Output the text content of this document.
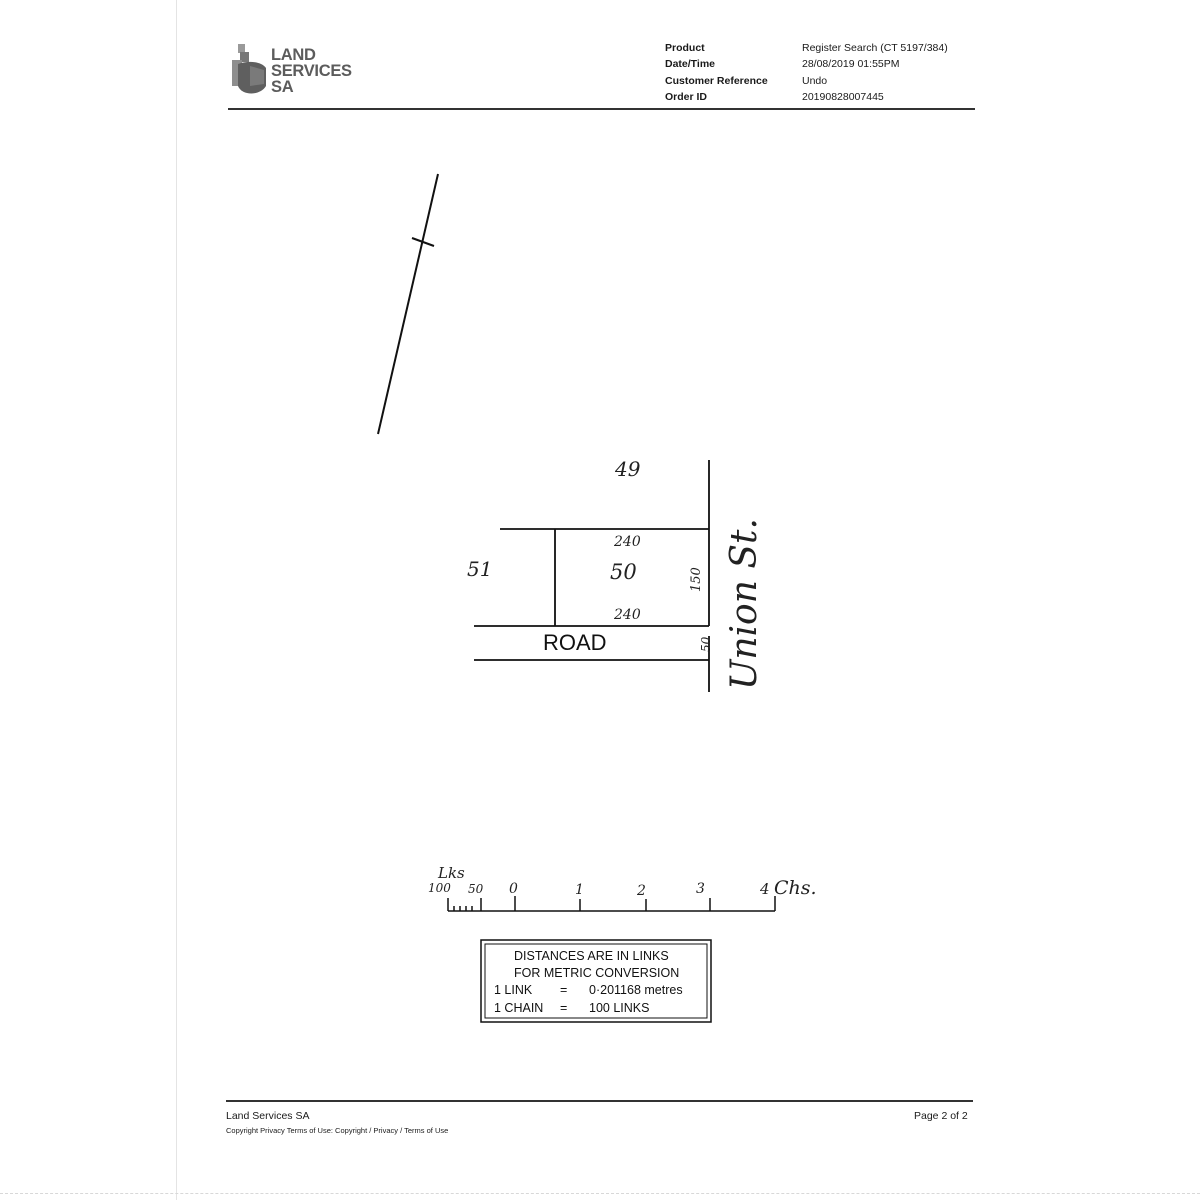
LAND
SERVICES
SA
Product	Register Search (CT 5197/384)
Date/Time	28/08/2019 01:55PM
Customer Reference	Undo
Order ID	20190828007445
49
51	50
240
240
150
50
ROAD	Union St.
Lks
100 50 0	1	2	3	4 Chs.
DISTANCES ARE IN LINKS
FOR METRIC CONVERSION
1 LINK = 0·201168 metres
1 CHAIN = 100 LINKS
Land Services SA
Copyright Privacy Terms of Use: Copyright / Privacy / Terms of Use
Page 2 of 2
